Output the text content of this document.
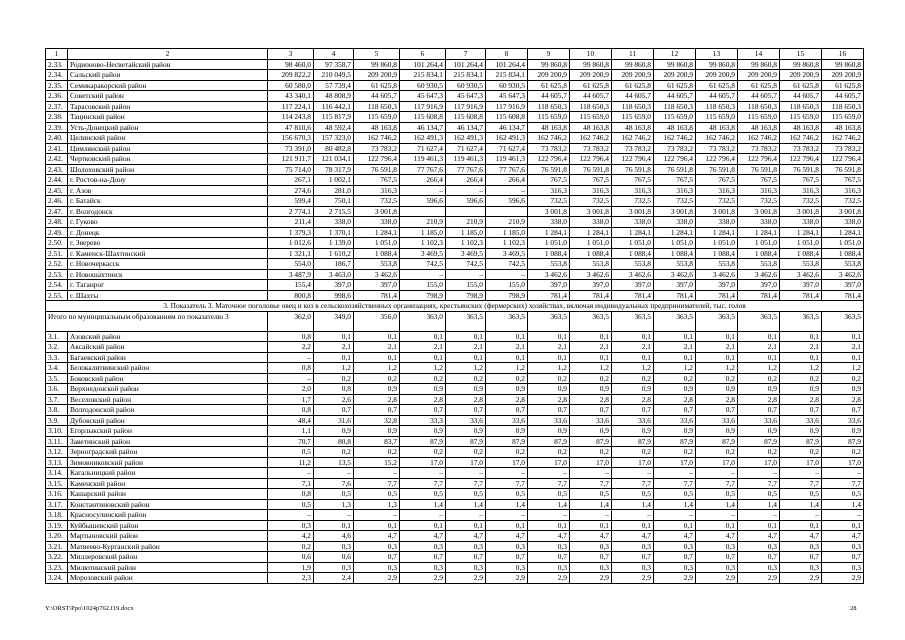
1	2	3	4	5	6	7	8	9	10	11	12	13	14	15	16
2.33.	Родионово-Несветайский район	98 460,0	97 358,7	99 860,8	101 264,4	101 264,4	101 264,4	99 860,8	99 860,8	99 860,8	99 860,8	99 860,8	99 860,8	99 860,8	99 860,8
2.34.	Сальский район	209 822,2	210 049,5	209 200,9	215 834,1	215 834,1	215 834,1	209 200,9	209 200,9	209 200,9	209 200,9	209 200,9	209 200,9	209 200,9	209 200,9
2.35.	Семикаракорский район	60 580,0	57 739,4	61 625,8	60 930,5	60 930,5	60 930,5	61 625,8	61 625,8	61 625,8	61 625,8	61 625,8	61 625,8	61 625,8	61 625,8
2.36.	Советский район	43 340,1	48 808,9	44 605,7	45 647,3	45 647,3	45 647,3	44 605,7	44 605,7	44 605,7	44 605,7	44 605,7	44 605,7	44 605,7	44 605,7
2.37.	Тарасовский район	117 224,1	116 442,1	118 650,3	117 916,9	117 916,9	117 916,9	118 650,3	118 650,3	118 650,3	118 650,3	118 650,3	118 650,3	118 650,3	118 650,3
2.38.	Тацинский район	114 243,8	115 817,9	115 659,0	115 608,8	115 608,8	115 608,8	115 659,0	115 659,0	115 659,0	115 659,0	115 659,0	115 659,0	115 659,0	115 659,0
2.39.	Усть-Донецкий район	47 810,6	48 592,4	48 163,8	46 134,7	46 134,7	46 134,7	48 163,8	48 163,8	48 163,8	48 163,8	48 163,8	48 163,8	48 163,8	48 163,8
2.40.	Целинский район	156 670,3	157 323,0	162 746,2	162 491,3	162 491,3	162 491,3	162 746,2	162 746,2	162 746,2	162 746,2	162 746,2	162 746,2	162 746,2	162 746,2
2.41.	Цимлянский район	73 391,0	80 482,8	73 783,2	71 627,4	71 627,4	71 627,4	73 783,2	73 783,2	73 783,2	73 783,2	73 783,2	73 783,2	73 783,2	73 783,2
2.42.	Чертковский район	121 911,7	121 034,1	122 796,4	119 461,3	119 461,3	119 461,3	122 796,4	122 796,4	122 796,4	122 796,4	122 796,4	122 796,4	122 796,4	122 796,4
2.43.	Шолоховский район	75 714,0	78 317,9	76 591,8	77 767,6	77 767,6	77 767,6	76 591,8	76 591,8	76 591,8	76 591,8	76 591,8	76 591,8	76 591,8	76 591,8
2.44.	г. Ростов-на-Дону	267,1	1 002,1	767,5	266,4	266,4	266,4	767,5	767,5	767,5	767,5	767,5	767,5	767,5	767,5
2.45.	г. Азов	274,6	281,0	316,3	–	–	–	316,3	316,3	316,3	316,3	316,3	316,3	316,3	316,3
2.46.	г. Батайск	599,4	750,1	732,5	596,6	596,6	596,6	732,5	732,5	732,5	732,5	732,5	732,5	732,5	732,5
2.47.	г. Волгодонск	2 774,1	2 715,5	3 001,8				3 001,8	3 001,8	3 001,8	3 001,8	3 001,8	3 001,8	3 001,8	3 001,8
2.48.	г. Гуково	211,4	338,0	338,0	210,9	210,9	210,9	338,0	338,0	338,0	338,0	338,0	338,0	338,0	338,0
2.49.	г. Донецк	1 379,3	1 370,1	1 284,1	1 185,0	1 185,0	1 185,0	1 284,1	1 284,1	1 284,1	1 284,1	1 284,1	1 284,1	1 284,1	1 284,1
2.50.	г. Зверево	1 012,6	1 139,0	1 051,0	1 102,3	1 102,3	1 102,3	1 051,0	1 051,0	1 051,0	1 051,0	1 051,0	1 051,0	1 051,0	1 051,0
2.51.	г. Каменск-Шахтинский	1 321,1	1 610,2	1 088,4	3 469,5	3 469,5	3 469,5	1 088,4	1 088,4	1 088,4	1 088,4	1 088,4	1 088,4	1 088,4	1 088,4
2.52.	г. Новочеркасск	554,0	186,7	553,8	742,5	742,5	742,5	553,8	553,8	553,8	553,8	553,8	553,8	553,8	553,8
2.53.	г. Новошахтинск	3 487,9	3 463,0	3 462,6	–	–	–	3 462,6	3 462,6	3 462,6	3 462,6	3 462,6	3 462,6	3 462,6	3 462,6
2.54.	г. Таганрог	155,4	397,0	397,0	155,0	155,0	155,0	397,0	397,0	397,0	397,0	397,0	397,0	397,0	397,0
2.55.	г. Шахты	800,8	998,6	781,4	798,9	798,9	798,9	781,4	781,4	781,4	781,4	781,4	781,4	781,4	781,4
3. Показатель 3. Маточное поголовье овец и коз в сельскохозяйственных организациях, крестьянских (фермерских) хозяйствах, включая индивидуальных предпринимателей, тыс. голов															
Итого по муниципальным образованиям по показателю 3		362,0	349,0	356,0	363,0	363,5	363,5	363,5	363,5	363,5	363,5	363,5	363,5	363,5	363,5
3.1.	Азовский район	0,8	0,1	0,1	0,1	0,1	0,1	0,1	0,1	0,1	0,1	0,1	0,1	0,1	0,1
3.2.	Аксайский район	2,2	2,1	2,1	2,1	2,1	2,1	2,1	2,1	2,1	2,1	2,1	2,1	2,1	2,1
3.3.	Багаевский район	–	0,1	0,1	0,1	0,1	0,1	0,1	0,1	0,1	0,1	0,1	0,1	0,1	0,1
3.4.	Белокалитвинский район	0,8	1,2	1,2	1,2	1,2	1,2	1,2	1,2	1,2	1,2	1,2	1,2	1,2	1,2
3.5.	Боковский район	–	0,2	0,2	0,2	0,2	0,2	0,2	0,2	0,2	0,2	0,2	0,2	0,2	0,2
3.6.	Верхнедонской район	2,0	0,8	0,9	0,9	0,9	0,9	0,9	0,9	0,9	0,9	0,9	0,9	0,9	0,9
3.7.	Веселовский район	1,7	2,6	2,8	2,8	2,8	2,8	2,8	2,8	2,8	2,8	2,8	2,8	2,8	2,8
3.8.	Волгодонской район	0,8	0,7	0,7	0,7	0,7	0,7	0,7	0,7	0,7	0,7	0,7	0,7	0,7	0,7
3.9.	Дубовский район	48,4	31,6	32,8	33,3	33,6	33,6	33,6	33,6	33,6	33,6	33,6	33,6	33,6	33,6
3.10.	Егорлыкский район	1,1	0,9	0,9	0,9	0,9	0,9	0,9	0,9	0,9	0,9	0,9	0,9	0,9	0,9
3.11.	Заветинский район	70,7	80,8	83,7	87,9	87,9	87,9	87,9	87,9	87,9	87,9	87,9	87,9	87,9	87,9
3.12.	Зерноградский район	0,5	0,2	0,2	0,2	0,2	0,2	0,2	0,2	0,2	0,2	0,2	0,2	0,2	0,2
3.13.	Зимовниковский район	11,2	13,5	15,2	17,0	17,0	17,0	17,0	17,0	17,0	17,0	17,0	17,0	17,0	17,0
3.14.	Кагальницкий район	–	–	–	–	–	–	–	–	–	–	–	–	–	–
3.15.	Каменский район	7,1	7,6	7,7	7,7	7,7	7,7	7,7	7,7	7,7	7,7	7,7	7,7	7,7	7,7
3.16.	Кашарский район	0,8	0,5	0,5	0,5	0,5	0,5	0,5	0,5	0,5	0,5	0,5	0,5	0,5	0,5
3.17.	Константиновский район	0,5	1,3	1,3	1,4	1,4	1,4	1,4	1,4	1,4	1,4	1,4	1,4	1,4	1,4
3.18.	Красносулинский район	–	–	–	–	–	–	–	–	–	–	–	–	–	–
3.19.	Куйбышевский район	0,3	0,1	0,1	0,1	0,1	0,1	0,1	0,1	0,1	0,1	0,1	0,1	0,1	0,1
3.20.	Мартыновский район	4,2	4,6	4,7	4,7	4,7	4,7	4,7	4,7	4,7	4,7	4,7	4,7	4,7	4,7
3.21.	Матвеево-Курганский район	0,2	0,3	0,3	0,3	0,3	0,3	0,3	0,3	0,3	0,3	0,3	0,3	0,3	0,3
3.22.	Миллеровский район	0,6	0,6	0,7	0,7	0,7	0,7	0,7	0,7	0,7	0,7	0,7	0,7	0,7	0,7
3.23.	Милютинский район	1,9	0,3	0,3	0,3	0,3	0,3	0,3	0,3	0,3	0,3	0,3	0,3	0,3	0,3
3.24.	Морозовский район	2,3	2,4	2,9	2,9	2,9	2,9	2,9	2,9	2,9	2,9	2,9	2,9	2,9	2,9
Y:\ORST\Ppo\1024p762.f19.docx	28
